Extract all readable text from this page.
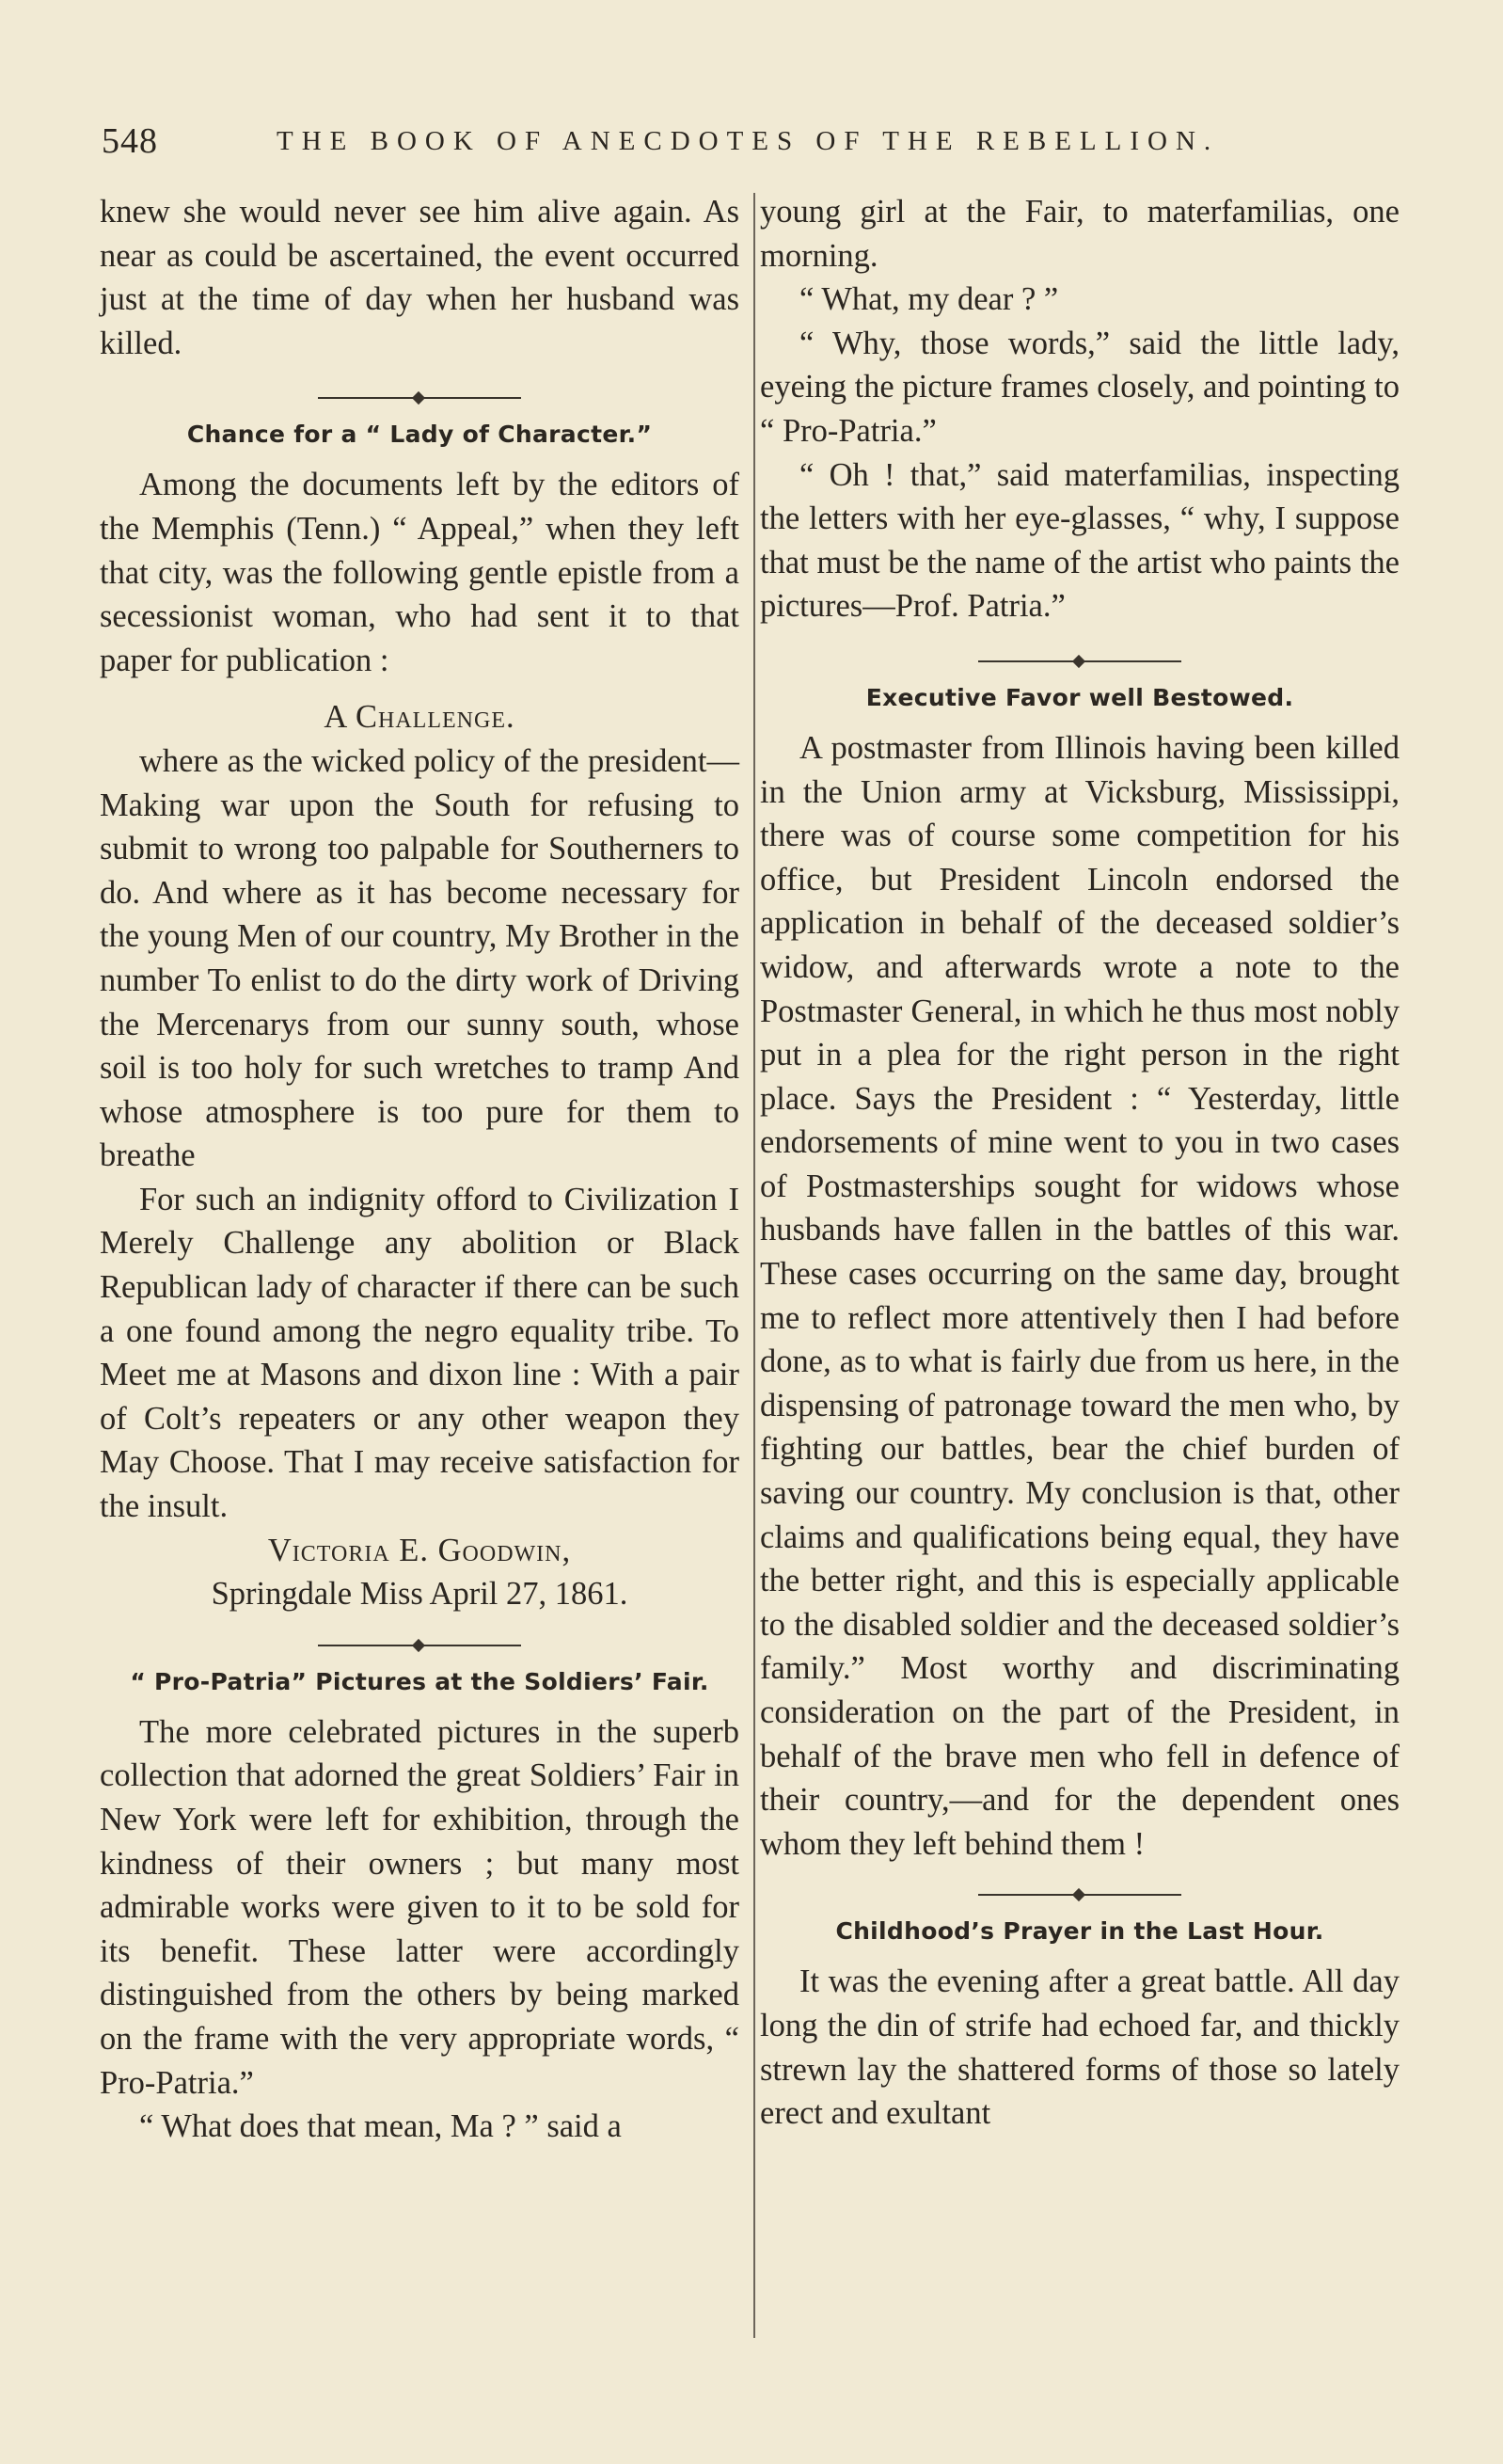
548	THE BOOK OF ANECDOTES OF THE REBELLION.

knew she would never see him alive again. As near as could be ascertained, the event occurred just at the time of day when her husband was killed.

Chance for a “ Lady of Character.”

Among the documents left by the editors of the Memphis (Tenn.) “ Appeal,” when they left that city, was the following gentle epistle from a secessionist woman, who had sent it to that paper for publication :

A Challenge.

where as the wicked policy of the president—Making war upon the South for refusing to submit to wrong too palpable for Southerners to do. And where as it has become necessary for the young Men of our country, My Brother in the number To enlist to do the dirty work of Driving the Mercenarys from our sunny south, whose soil is too holy for such wretches to tramp And whose atmosphere is too pure for them to breathe

For such an indignity offord to Civilization I Merely Challenge any abolition or Black Republican lady of character if there can be such a one found among the negro equality tribe. To Meet me at Masons and dixon line : With a pair of Colt’s repeaters or any other weapon they May Choose. That I may receive satisfaction for the insult.

Victoria E. Goodwin,

Springdale Miss April 27, 1861.

“ Pro-Patria” Pictures at the Soldiers’ Fair.

The more celebrated pictures in the superb collection that adorned the great Soldiers’ Fair in New York were left for exhibition, through the kindness of their owners ; but many most admirable works were given to it to be sold for its benefit. These latter were accordingly distinguished from the others by being marked on the frame with the very appropriate words, “ Pro-Patria.”

“ What does that mean, Ma ? ” said a

young girl at the Fair, to materfamilias, one morning.

“ What, my dear ? ”

“ Why, those words,” said the little lady, eyeing the picture frames closely, and pointing to “ Pro-Patria.”

“ Oh ! that,” said materfamilias, inspecting the letters with her eye-glasses, “ why, I suppose that must be the name of the artist who paints the pictures—Prof. Patria.”

Executive Favor well Bestowed.

A postmaster from Illinois having been killed in the Union army at Vicksburg, Mississippi, there was of course some competition for his office, but President Lincoln endorsed the application in behalf of the deceased soldier’s widow, and afterwards wrote a note to the Postmaster General, in which he thus most nobly put in a plea for the right person in the right place. Says the President : “ Yesterday, little endorsements of mine went to you in two cases of Postmasterships sought for widows whose husbands have fallen in the battles of this war. These cases occurring on the same day, brought me to reflect more attentively then I had before done, as to what is fairly due from us here, in the dispensing of patronage toward the men who, by fighting our battles, bear the chief burden of saving our country. My conclusion is that, other claims and qualifications being equal, they have the better right, and this is especially applicable to the disabled soldier and the deceased soldier’s family.” Most worthy and discriminating consideration on the part of the President, in behalf of the brave men who fell in defence of their country,—and for the dependent ones whom they left behind them !

Childhood’s Prayer in the Last Hour.

It was the evening after a great battle. All day long the din of strife had echoed far, and thickly strewn lay the shattered forms of those so lately erect and exultant
